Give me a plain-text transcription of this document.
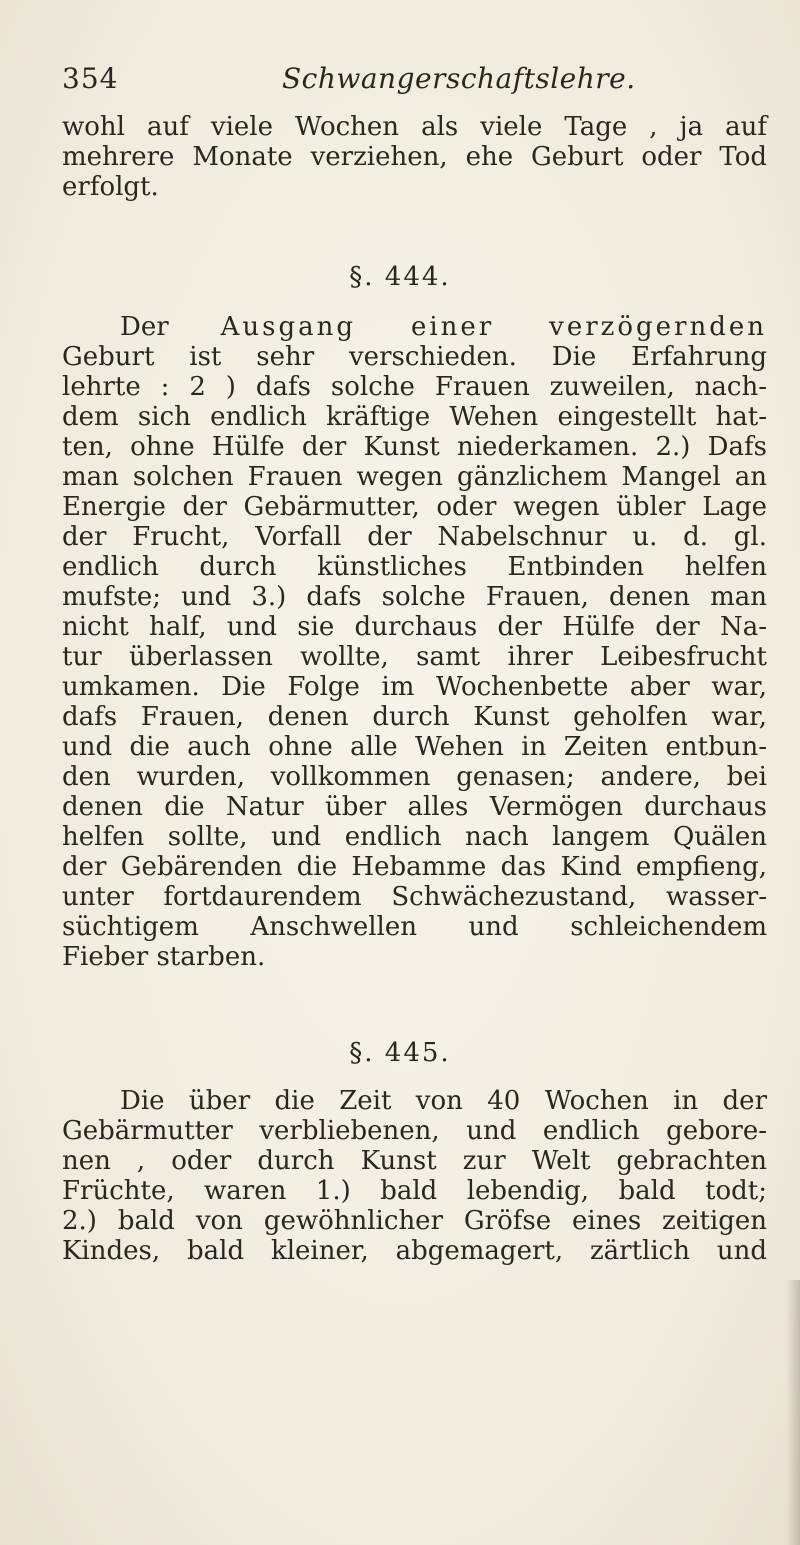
354	Schwangerschaftslehre.
wohl auf viele Wochen als viele Tage , ja auf
mehrere Monate verziehen, ehe Geburt oder Tod
erfolgt.
§. 444.
Der Ausgang einer verzögernden
Geburt ist sehr verschieden. Die Erfahrung
lehrte : 2 ) dafs solche Frauen zuweilen, nach-
dem sich endlich kräftige Wehen eingestellt hat-
ten, ohne Hülfe der Kunst niederkamen. 2.) Dafs
man solchen Frauen wegen gänzlichem Mangel an
Energie der Gebärmutter, oder wegen übler Lage
der Frucht, Vorfall der Nabelschnur u. d. gl.
endlich durch künstliches Entbinden helfen
mufste; und 3.) dafs solche Frauen, denen man
nicht half, und sie durchaus der Hülfe der Na-
tur überlassen wollte, samt ihrer Leibesfrucht
umkamen. Die Folge im Wochenbette aber war,
dafs Frauen, denen durch Kunst geholfen war,
und die auch ohne alle Wehen in Zeiten entbun-
den wurden, vollkommen genasen; andere, bei
denen die Natur über alles Vermögen durchaus
helfen sollte, und endlich nach langem Quälen
der Gebärenden die Hebamme das Kind empfieng,
unter fortdaurendem Schwächezustand, wasser-
süchtigem Anschwellen und schleichendem
Fieber starben.
§. 445.
Die über die Zeit von 40 Wochen in der
Gebärmutter verbliebenen, und endlich gebore-
nen , oder durch Kunst zur Welt gebrachten
Früchte, waren 1.) bald lebendig, bald todt;
2.) bald von gewöhnlicher Gröfse eines zeitigen
Kindes, bald kleiner, abgemagert, zärtlich und
